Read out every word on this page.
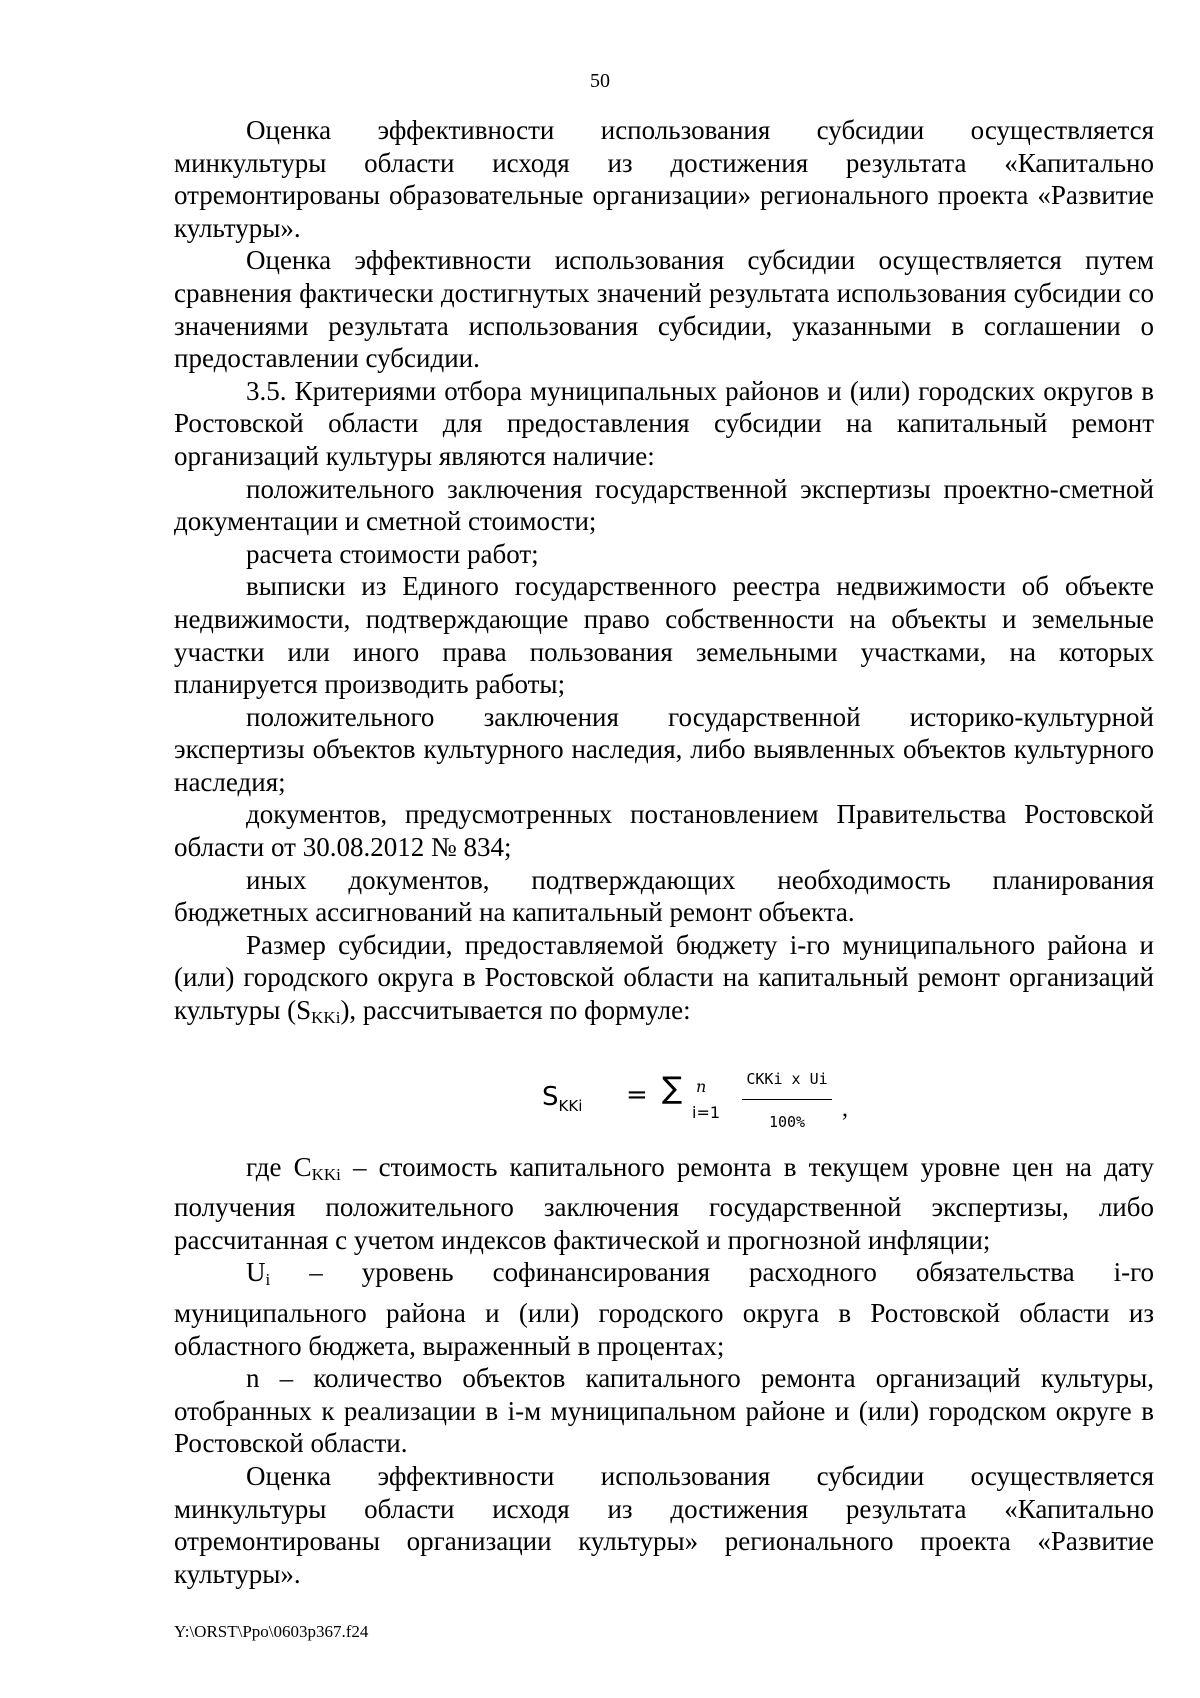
50

Оценка эффективности использования субсидии осуществляется минкультуры области исходя из достижения результата «Капитально отремонтированы образовательные организации» регионального проекта «Развитие культуры».

Оценка эффективности использования субсидии осуществляется путем сравнения фактически достигнутых значений результата использования субсидии со значениями результата использования субсидии, указанными в соглашении о предоставлении субсидии.

3.5. Критериями отбора муниципальных районов и (или) городских округов в Ростовской области для предоставления субсидии на капитальный ремонт организаций культуры являются наличие:

положительного заключения государственной экспертизы проектно-сметной документации и сметной стоимости;

расчета стоимости работ;

выписки из Единого государственного реестра недвижимости об объекте недвижимости, подтверждающие право собственности на объекты и земельные участки или иного права пользования земельными участками, на которых планируется производить работы;

положительного заключения государственной историко-культурной экспертизы объектов культурного наследия, либо выявленных объектов культурного наследия;

документов, предусмотренных постановлением Правительства Ростовской области от 30.08.2012 № 834;

иных документов, подтверждающих необходимость планирования бюджетных ассигнований на капитальный ремонт объекта.

Размер субсидии, предоставляемой бюджету i-го муниципального района и (или) городского округа в Ростовской области на капитальный ремонт организаций культуры $(S_{KKi})$, рассчитывается по формуле:

$S_{KKi}$ = ∑ n
i=1
CKKi x Ui
100%
,

где $C_{KKi}$ – стоимость капитального ремонта в текущем уровне цен на дату получения положительного заключения государственной экспертизы, либо рассчитанная с учетом индексов фактической и прогнозной инфляции;

$U_i$ – уровень софинансирования расходного обязательства i-го муниципального района и (или) городского округа в Ростовской области из областного бюджета, выраженный в процентах;

n – количество объектов капитального ремонта организаций культуры, отобранных к реализации в i-м муниципальном районе и (или) городском округе в Ростовской области.

Оценка эффективности использования субсидии осуществляется минкультуры области исходя из достижения результата «Капитально отремонтированы организации культуры» регионального проекта «Развитие культуры».

Y:\ORST\Ppo\0603p367.f24
